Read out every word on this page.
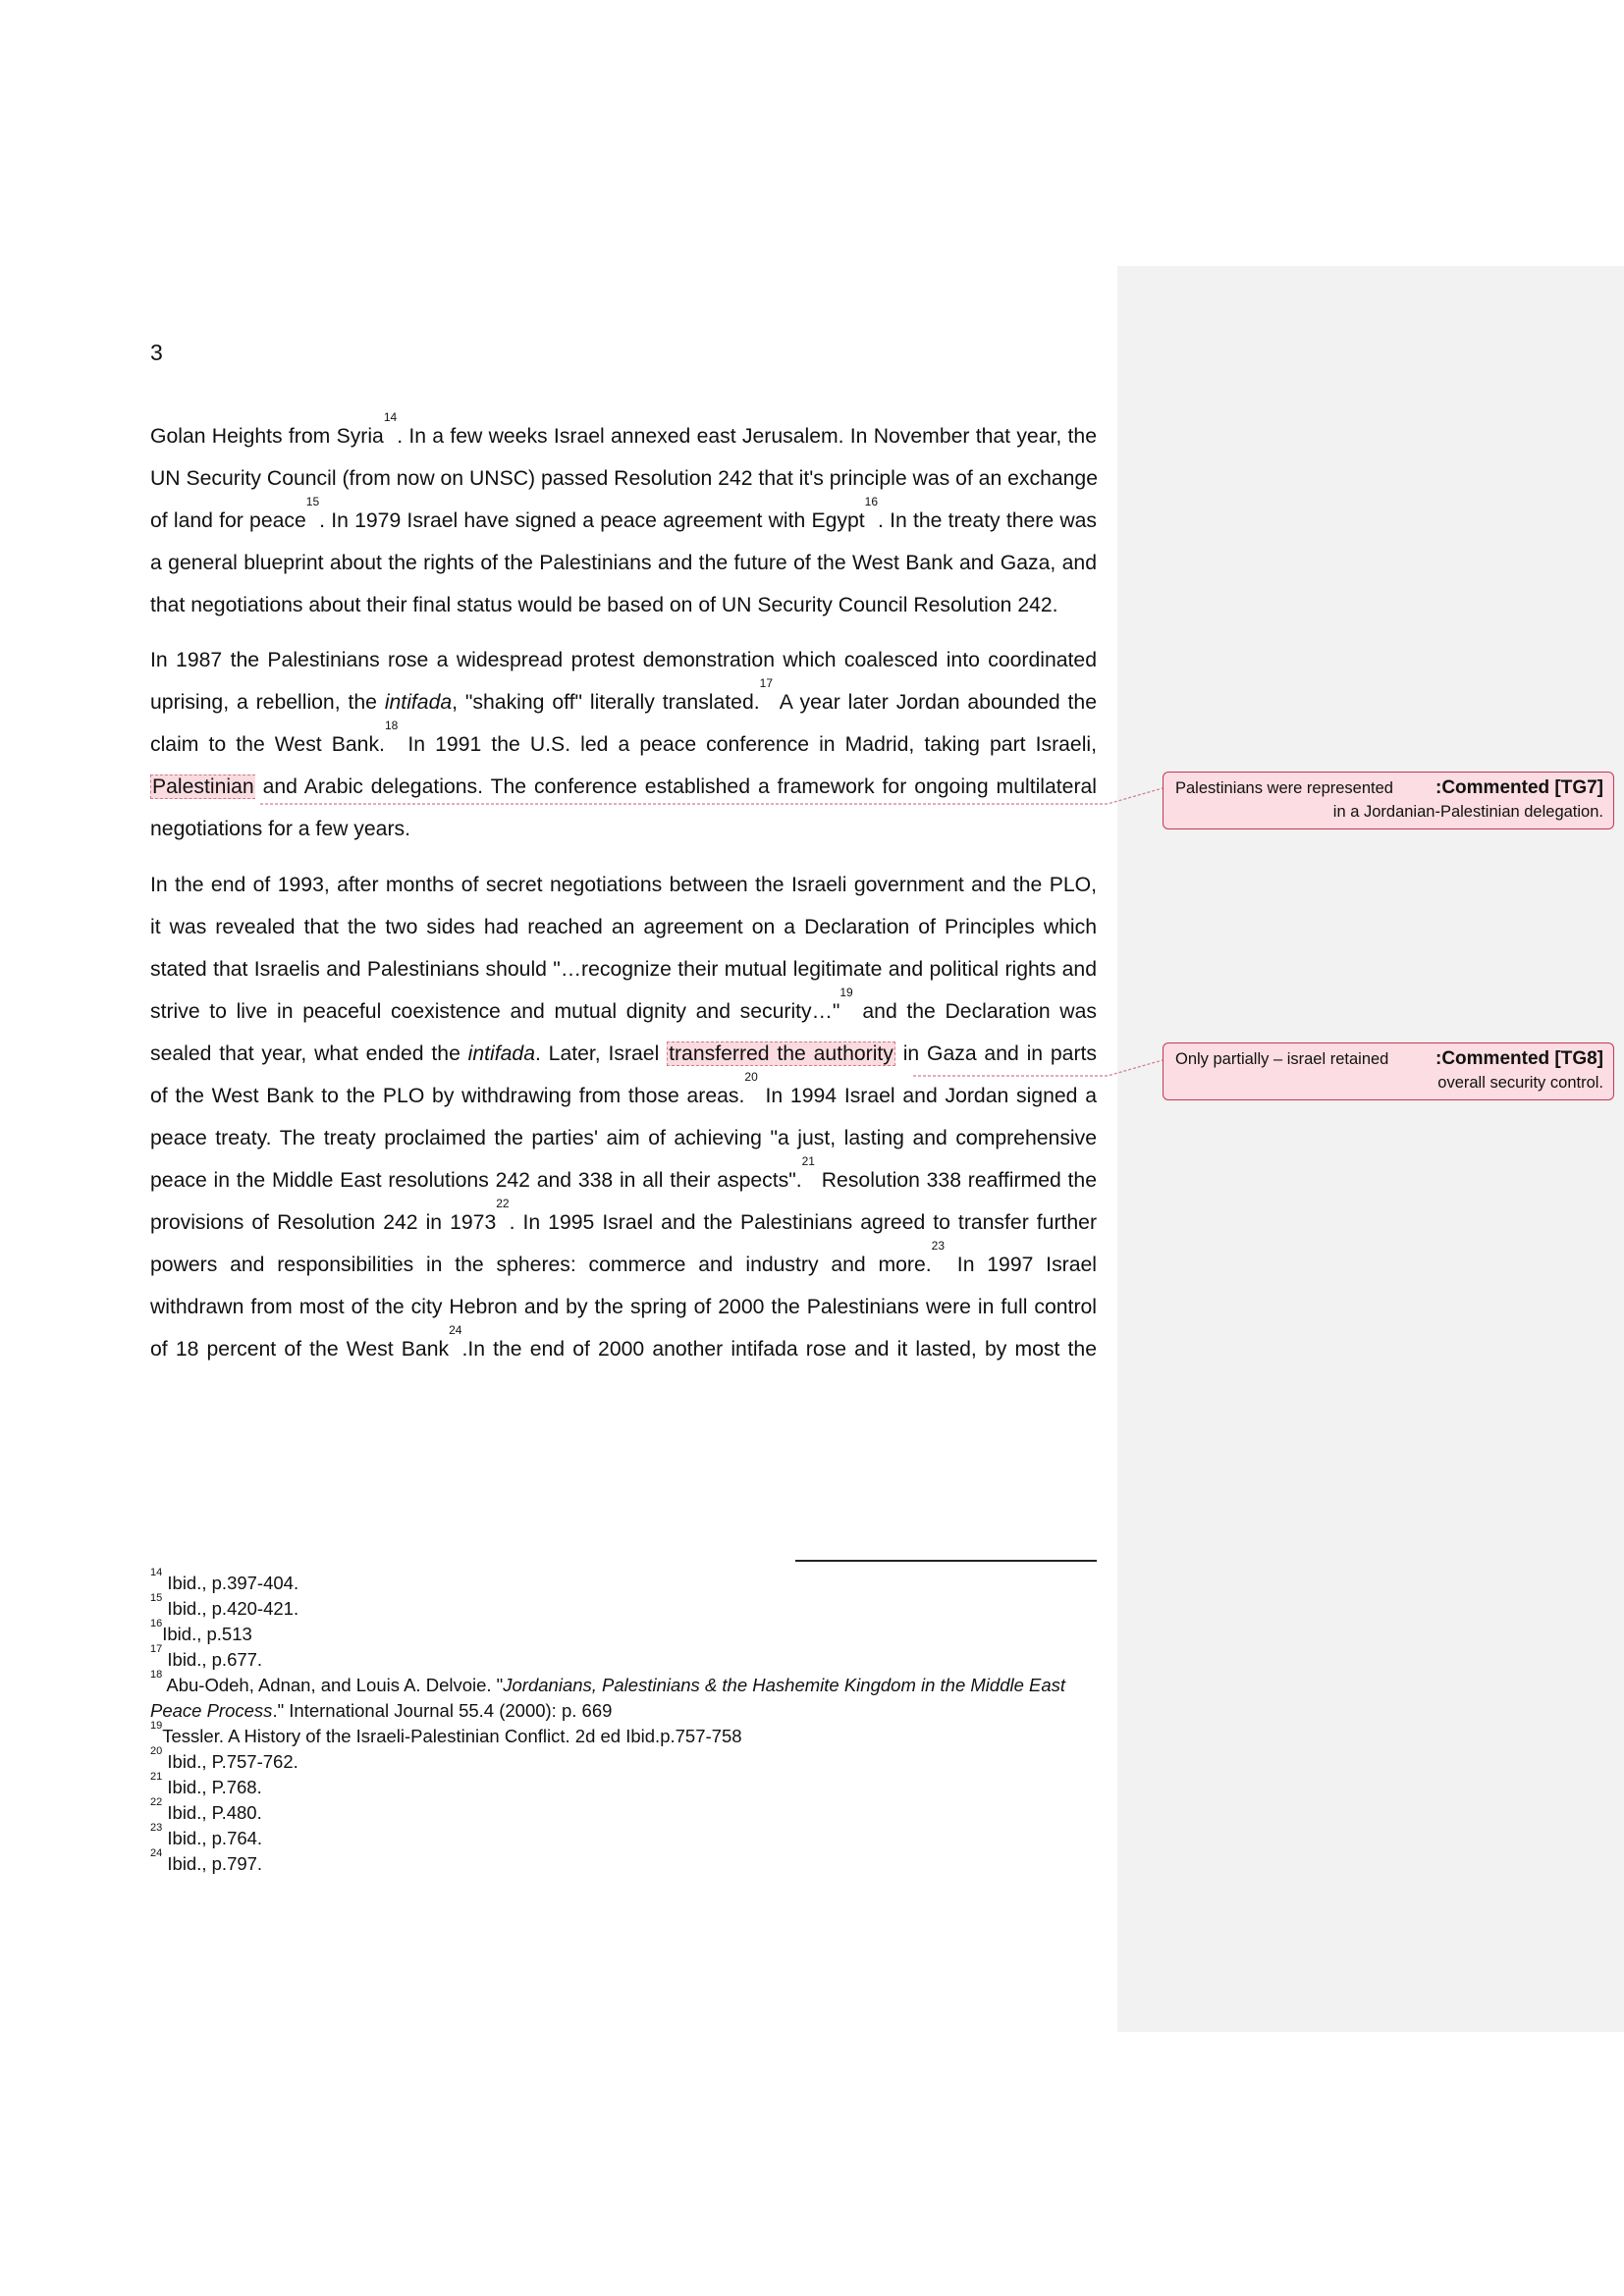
3

Golan Heights from Syria$^{14}$. In a few weeks Israel annexed east Jerusalem. In November that year, the
UN Security Council (from now on UNSC) passed Resolution 242 that it's principle was of an exchange
of land for peace$^{15}$. In 1979 Israel have signed a peace agreement with Egypt$^{16}$. In the treaty there was
a general blueprint about the rights of the Palestinians and the future of the West Bank and Gaza, and
that negotiations about their final status would be based on of UN Security Council Resolution 242.

In 1987 the Palestinians rose a widespread protest demonstration which coalesced into coordinated
uprising, a rebellion, the intifada, "shaking off" literally translated.$^{17}$ A year later Jordan abounded the
claim to the West Bank.$^{18}$ In 1991 the U.S. led a peace conference in Madrid, taking part Israeli,
Palestinian and Arabic delegations. The conference established a framework for ongoing multilateral
negotiations for a few years.

In the end of 1993, after months of secret negotiations between the Israeli government and the PLO,
it was revealed that the two sides had reached an agreement on a Declaration of Principles which
stated that Israelis and Palestinians should "…recognize their mutual legitimate and political rights and
strive to live in peaceful coexistence and mutual dignity and security…"$^{19}$ and the Declaration was
sealed that year, what ended the intifada. Later, Israel transferred the authority in Gaza and in parts
of the West Bank to the PLO by withdrawing from those areas.$^{20}$ In 1994 Israel and Jordan signed a
peace treaty. The treaty proclaimed the parties' aim of achieving "a just, lasting and comprehensive
peace in the Middle East resolutions 242 and 338 in all their aspects".$^{21}$ Resolution 338 reaffirmed the
provisions of Resolution 242 in 1973$^{22}$. In 1995 Israel and the Palestinians agreed to transfer further
powers and responsibilities in the spheres: commerce and industry and more.$^{23}$ In 1997 Israel
withdrawn from most of the city Hebron and by the spring of 2000 the Palestinians were in full control
of 18 percent of the West Bank$^{24}$.In the end of 2000 another intifada rose and it lasted, by most the

Palestinians were represented :Commented [TG7]
in a Jordanian-Palestinian delegation.
Only partially – israel retained	:Commented [TG8]
overall security control.
$^{14}$ Ibid., p.397-404.
$^{15}$ Ibid., p.420-421.
$^{16}$Ibid., p.513
$^{17}$ Ibid., p.677.
$^{18}$ Abu-Odeh, Adnan, and Louis A. Delvoie. "Jordanians, Palestinians & the Hashemite Kingdom in the Middle East Peace Process." International Journal 55.4 (2000): p. 669
$^{19}$Tessler. A History of the Israeli-Palestinian Conflict. 2d ed Ibid.p.757-758
$^{20}$ Ibid., P.757-762.
$^{21}$ Ibid., P.768.
$^{22}$ Ibid., P.480.
$^{23}$ Ibid., p.764.
$^{24}$ Ibid., p.797.
